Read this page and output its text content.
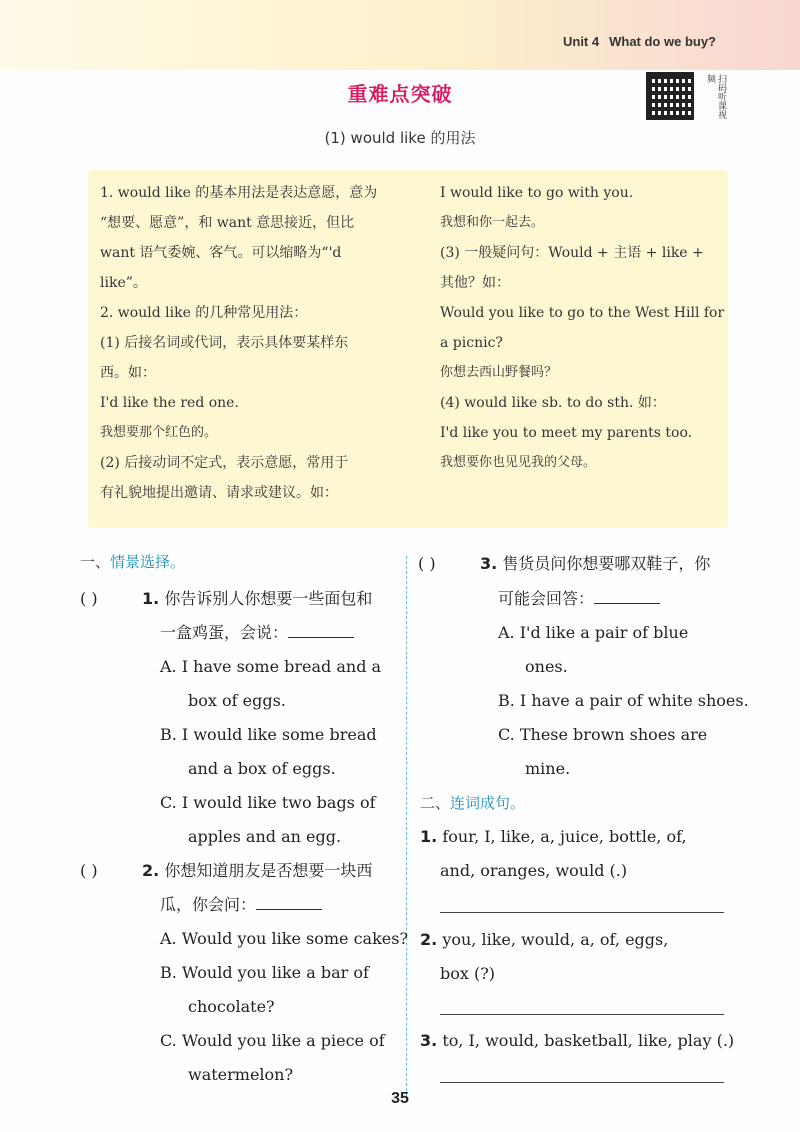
Unit 4 What do we buy?
重难点突破	扫码听课视频
(1) would like 的用法

1. would like 的基本用法是表达意愿，意为

“想要、愿意”，和 want 意思接近，但比

want 语气委婉、客气。可以缩略为“'d

like”。

2. would like 的几种常见用法：

(1) 后接名词或代词，表示具体要某样东

西。如：

I'd like the red one.

我想要那个红色的。

(2) 后接动词不定式，表示意愿，常用于

有礼貌地提出邀请、请求或建议。如：

I would like to go with you.

我想和你一起去。

(3) 一般疑问句：Would + 主语 + like +

其他？如：

Would you like to go to the West Hill for

a picnic?

你想去西山野餐吗？

(4) would like sb. to do sth. 如：

I'd like you to meet my parents too.

我想要你也见见我的父母。

一、情景选择。
( )	1. 你告诉别人你想要一些面包和
一盒鸡蛋，会说：
A. I have some bread and a
box of eggs.
B. I would like some bread
and a box of eggs.
C. I would like two bags of
apples and an egg.
( )	2. 你想知道朋友是否想要一块西
瓜，你会问：
A. Would you like some cakes?
B. Would you like a bar of
chocolate?
C. Would you like a piece of
watermelon?
( )	3. 售货员问你想要哪双鞋子，你
可能会回答：
A. I'd like a pair of blue
ones.
B. I have a pair of white shoes.
C. These brown shoes are
mine.
二、连词成句。
1. four, I, like, a, juice, bottle, of,
and, oranges, would (.)
2. you, like, would, a, of, eggs,
box (?)
3. to, I, would, basketball, like, play (.)
35
